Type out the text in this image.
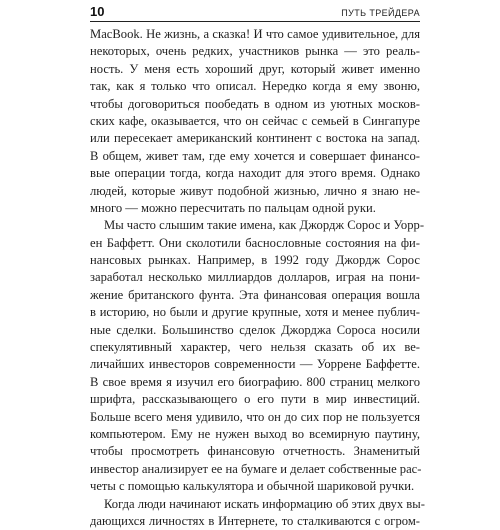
10	ПУТЬ ТРЕЙДЕРА
MacBook. Не жизнь, а сказка! И что самое удивительное, для
некоторых, очень редких, участников рынка — это реаль-
ность. У меня есть хороший друг, который живет именно
так, как я только что описал. Нередко когда я ему звоню,
чтобы договориться пообедать в одном из уютных москов-
ских кафе, оказывается, что он сейчас с семьей в Сингапуре
или пересекает американский континент с востока на запад.
В общем, живет там, где ему хочется и совершает финансо-
вые операции тогда, когда находит для этого время. Однако
людей, которые живут подобной жизнью, лично я знаю не-
много — можно пересчитать по пальцам одной руки.
Мы часто слышим такие имена, как Джордж Сорос и Уорр-
ен Баффетт. Они сколотили баснословные состояния на фи-
нансовых рынках. Например, в 1992 году Джордж Сорос
заработал несколько миллиардов долларов, играя на пони-
жение британского фунта. Эта финансовая операция вошла
в историю, но были и другие крупные, хотя и менее публич-
ные сделки. Большинство сделок Джорджа Сороса носили
спекулятивный характер, чего нельзя сказать об их ве-
личайших инвесторов современности — Уоррене Баффетте.
В свое время я изучил его биографию. 800 страниц мелкого
шрифта, рассказывающего о его пути в мир инвестиций.
Больше всего меня удивило, что он до сих пор не пользуется
компьютером. Ему не нужен выход во всемирную паутину,
чтобы просмотреть финансовую отчетность. Знаменитый
инвестор анализирует ее на бумаге и делает собственные рас-
четы с помощью калькулятора и обычной шариковой ручки.
Когда люди начинают искать информацию об этих двух вы-
дающихся личностях в Интернете, то сталкиваются с огром-
